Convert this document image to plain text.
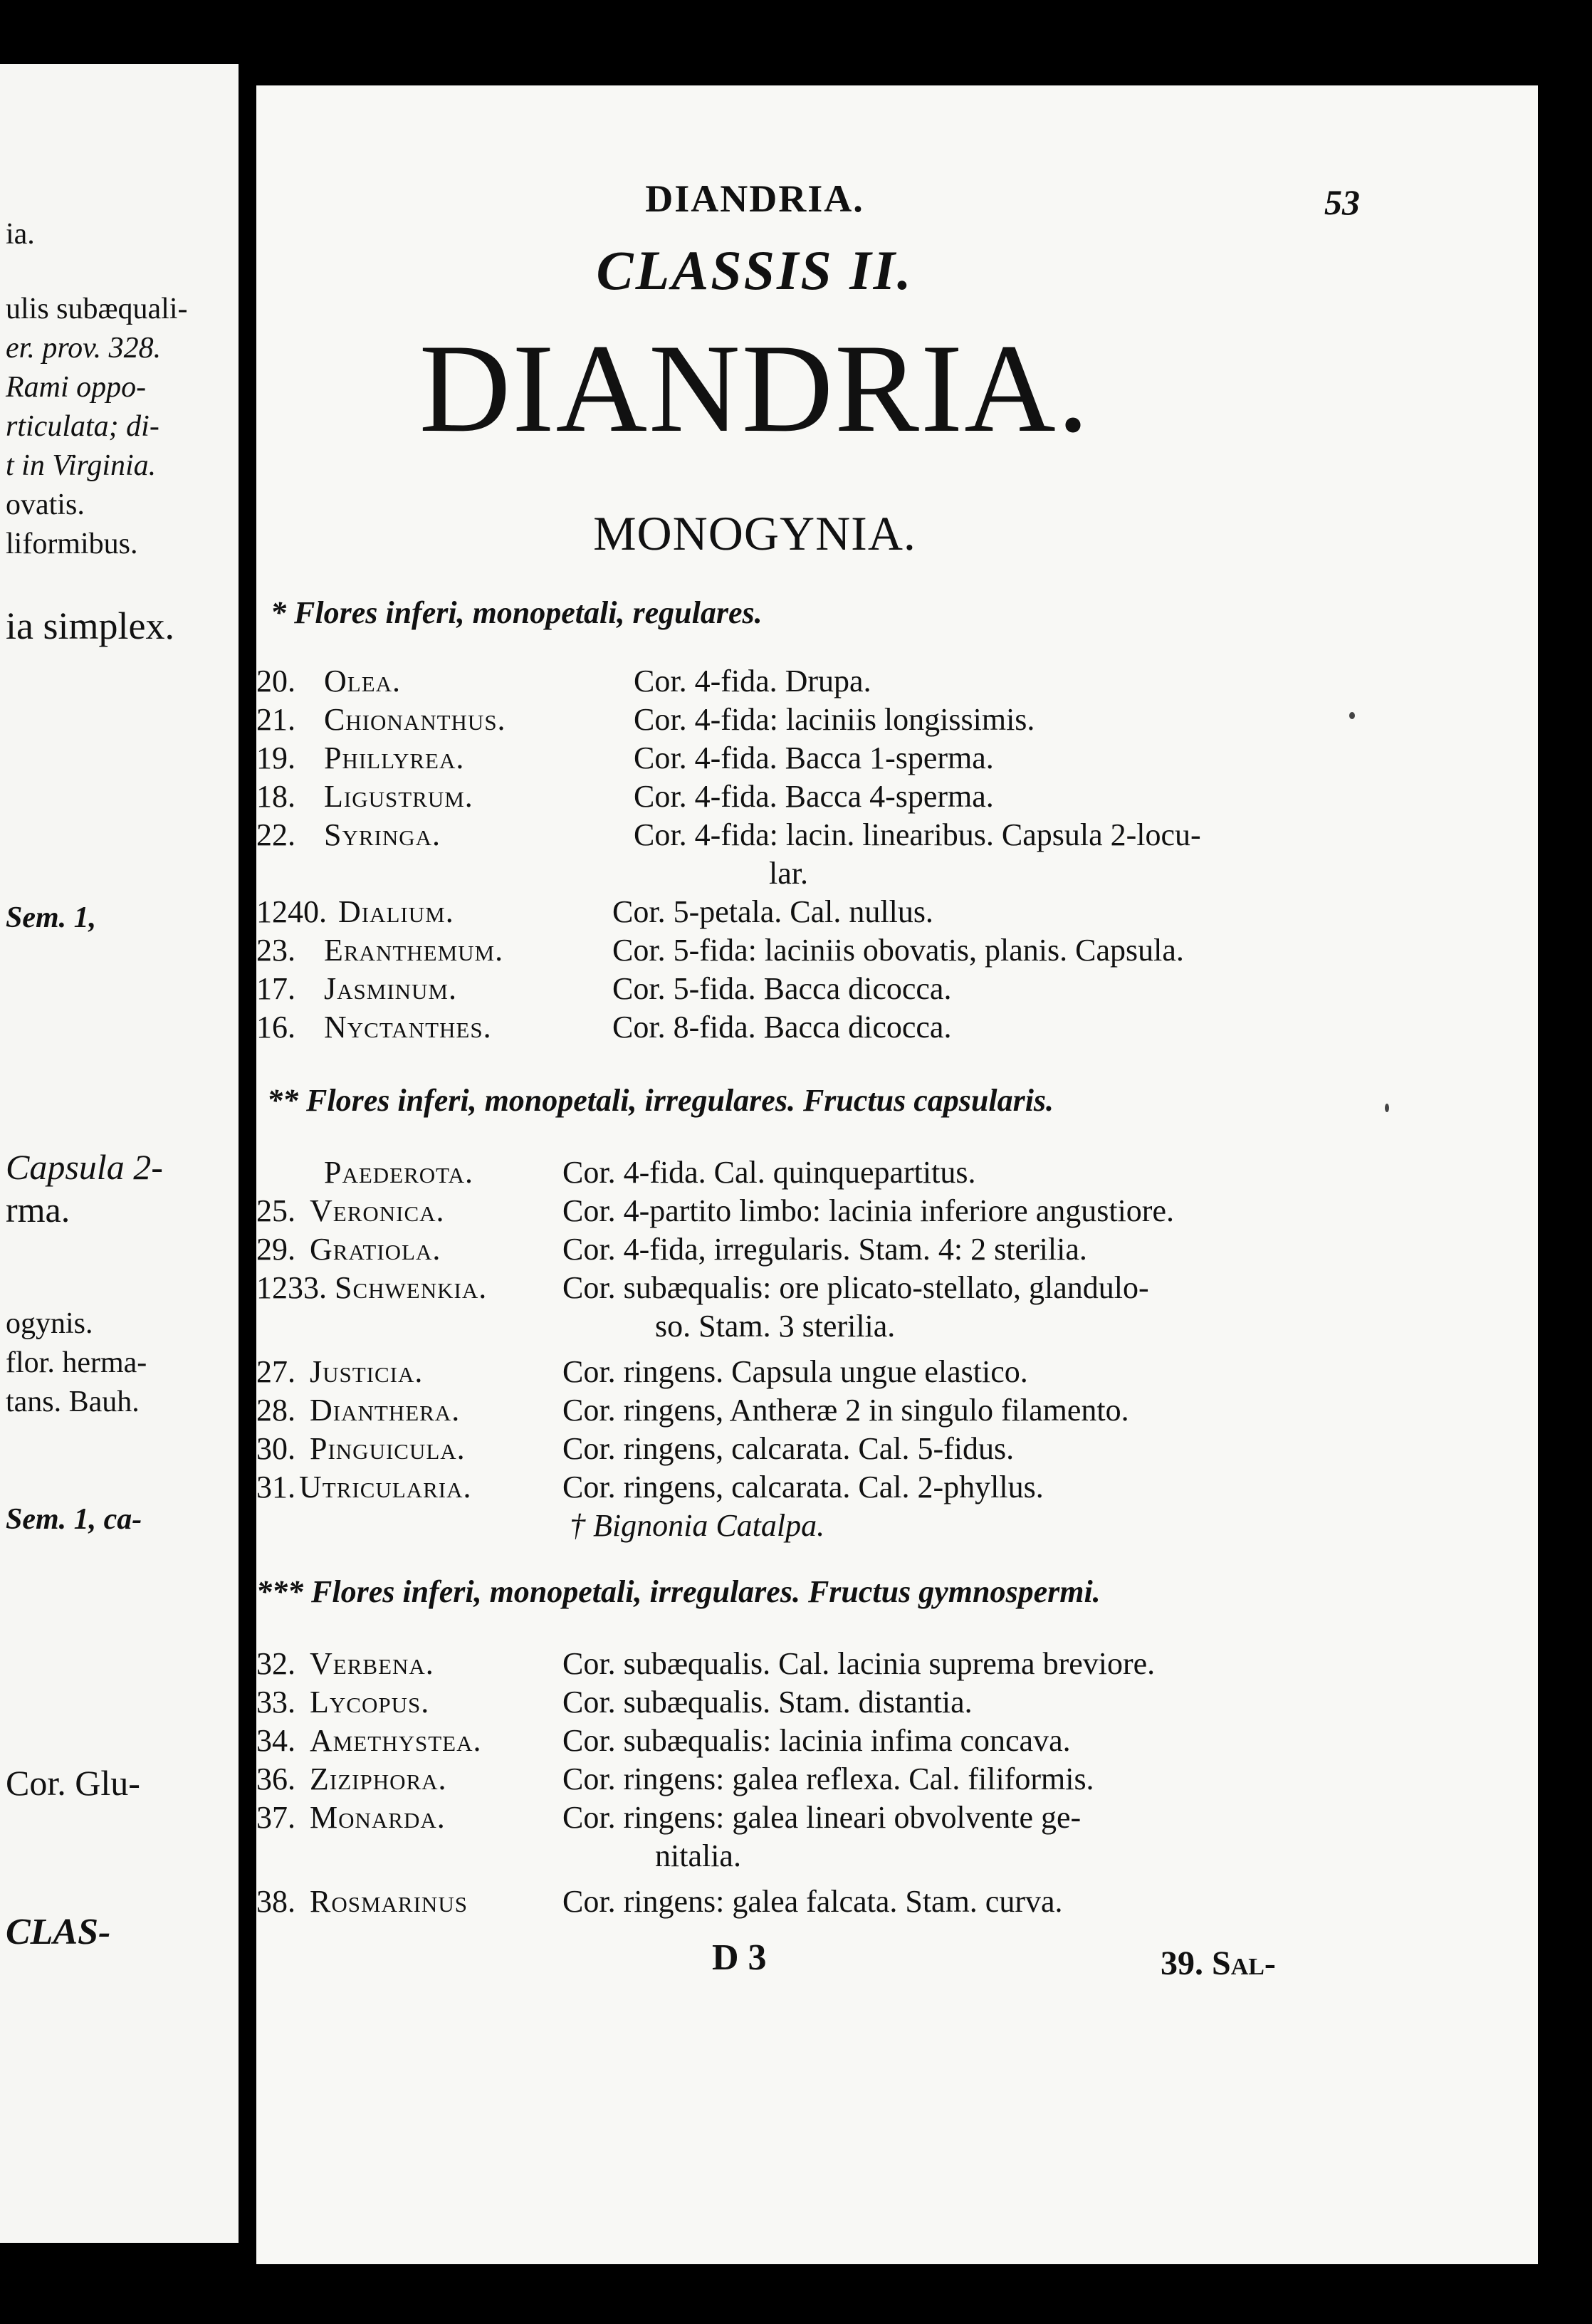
ia.
ulis subæquali-
er. prov. 328.
Rami oppo-
rticulata; di-
t in Virginia.
ovatis.
liformibus.
ia simplex.
Sem. 1,
Capsula 2-
rma.
ogynis.
flor. herma-
tans. Bauh.
Sem. 1, ca-
Cor. Glu-
CLAS-
DIANDRIA.	53
CLASSIS II.
DIANDRIA.
MONOGYNIA.
* Flores inferi, monopetali, regulares.
20. Olea.	Cor. 4-fida. Drupa.
21. Chionanthus.	Cor. 4-fida: laciniis longissimis.
19. Phillyrea.	Cor. 4-fida. Bacca 1-sperma.
18. Ligustrum.	Cor. 4-fida. Bacca 4-sperma.
22. Syringa.	Cor. 4-fida: lacin. linearibus. Capsula 2-locu-
lar.
1240. Dialium.	Cor. 5-petala. Cal. nullus.
23. Eranthemum.	Cor. 5-fida: laciniis obovatis, planis. Capsula.
17. Jasminum.	Cor. 5-fida. Bacca dicocca.
16. Nyctanthes.	Cor. 8-fida. Bacca dicocca.
** Flores inferi, monopetali, irregulares. Fructus capsularis.
Paederota.	Cor. 4-fida. Cal. quinquepartitus.
25. Veronica.	Cor. 4-partito limbo: lacinia inferiore angustiore.
29. Gratiola.	Cor. 4-fida, irregularis. Stam. 4: 2 sterilia.
1233. Schwenkia. Cor. subæqualis: ore plicato-stellato, glandulo-
so. Stam. 3 sterilia.
27. Justicia.	Cor. ringens. Capsula ungue elastico.
28. Dianthera.	Cor. ringens, Antheræ 2 in singulo filamento.
30. Pinguicula.	Cor. ringens, calcarata. Cal. 5-fidus.
31. Utricularia.	Cor. ringens, calcarata. Cal. 2-phyllus.
† Bignonia Catalpa.
*** Flores inferi, monopetali, irregulares. Fructus gymnospermi.
32. Verbena.	Cor. subæqualis. Cal. lacinia suprema breviore.
33. Lycopus.	Cor. subæqualis. Stam. distantia.
34. Amethystea.	Cor. subæqualis: lacinia infima concava.
36. Ziziphora.	Cor. ringens: galea reflexa. Cal. filiformis.
37. Monarda.	Cor. ringens: galea lineari obvolvente ge-
nitalia.
38. Rosmarinus	Cor. ringens: galea falcata. Stam. curva.
D 3	39. Sal-
